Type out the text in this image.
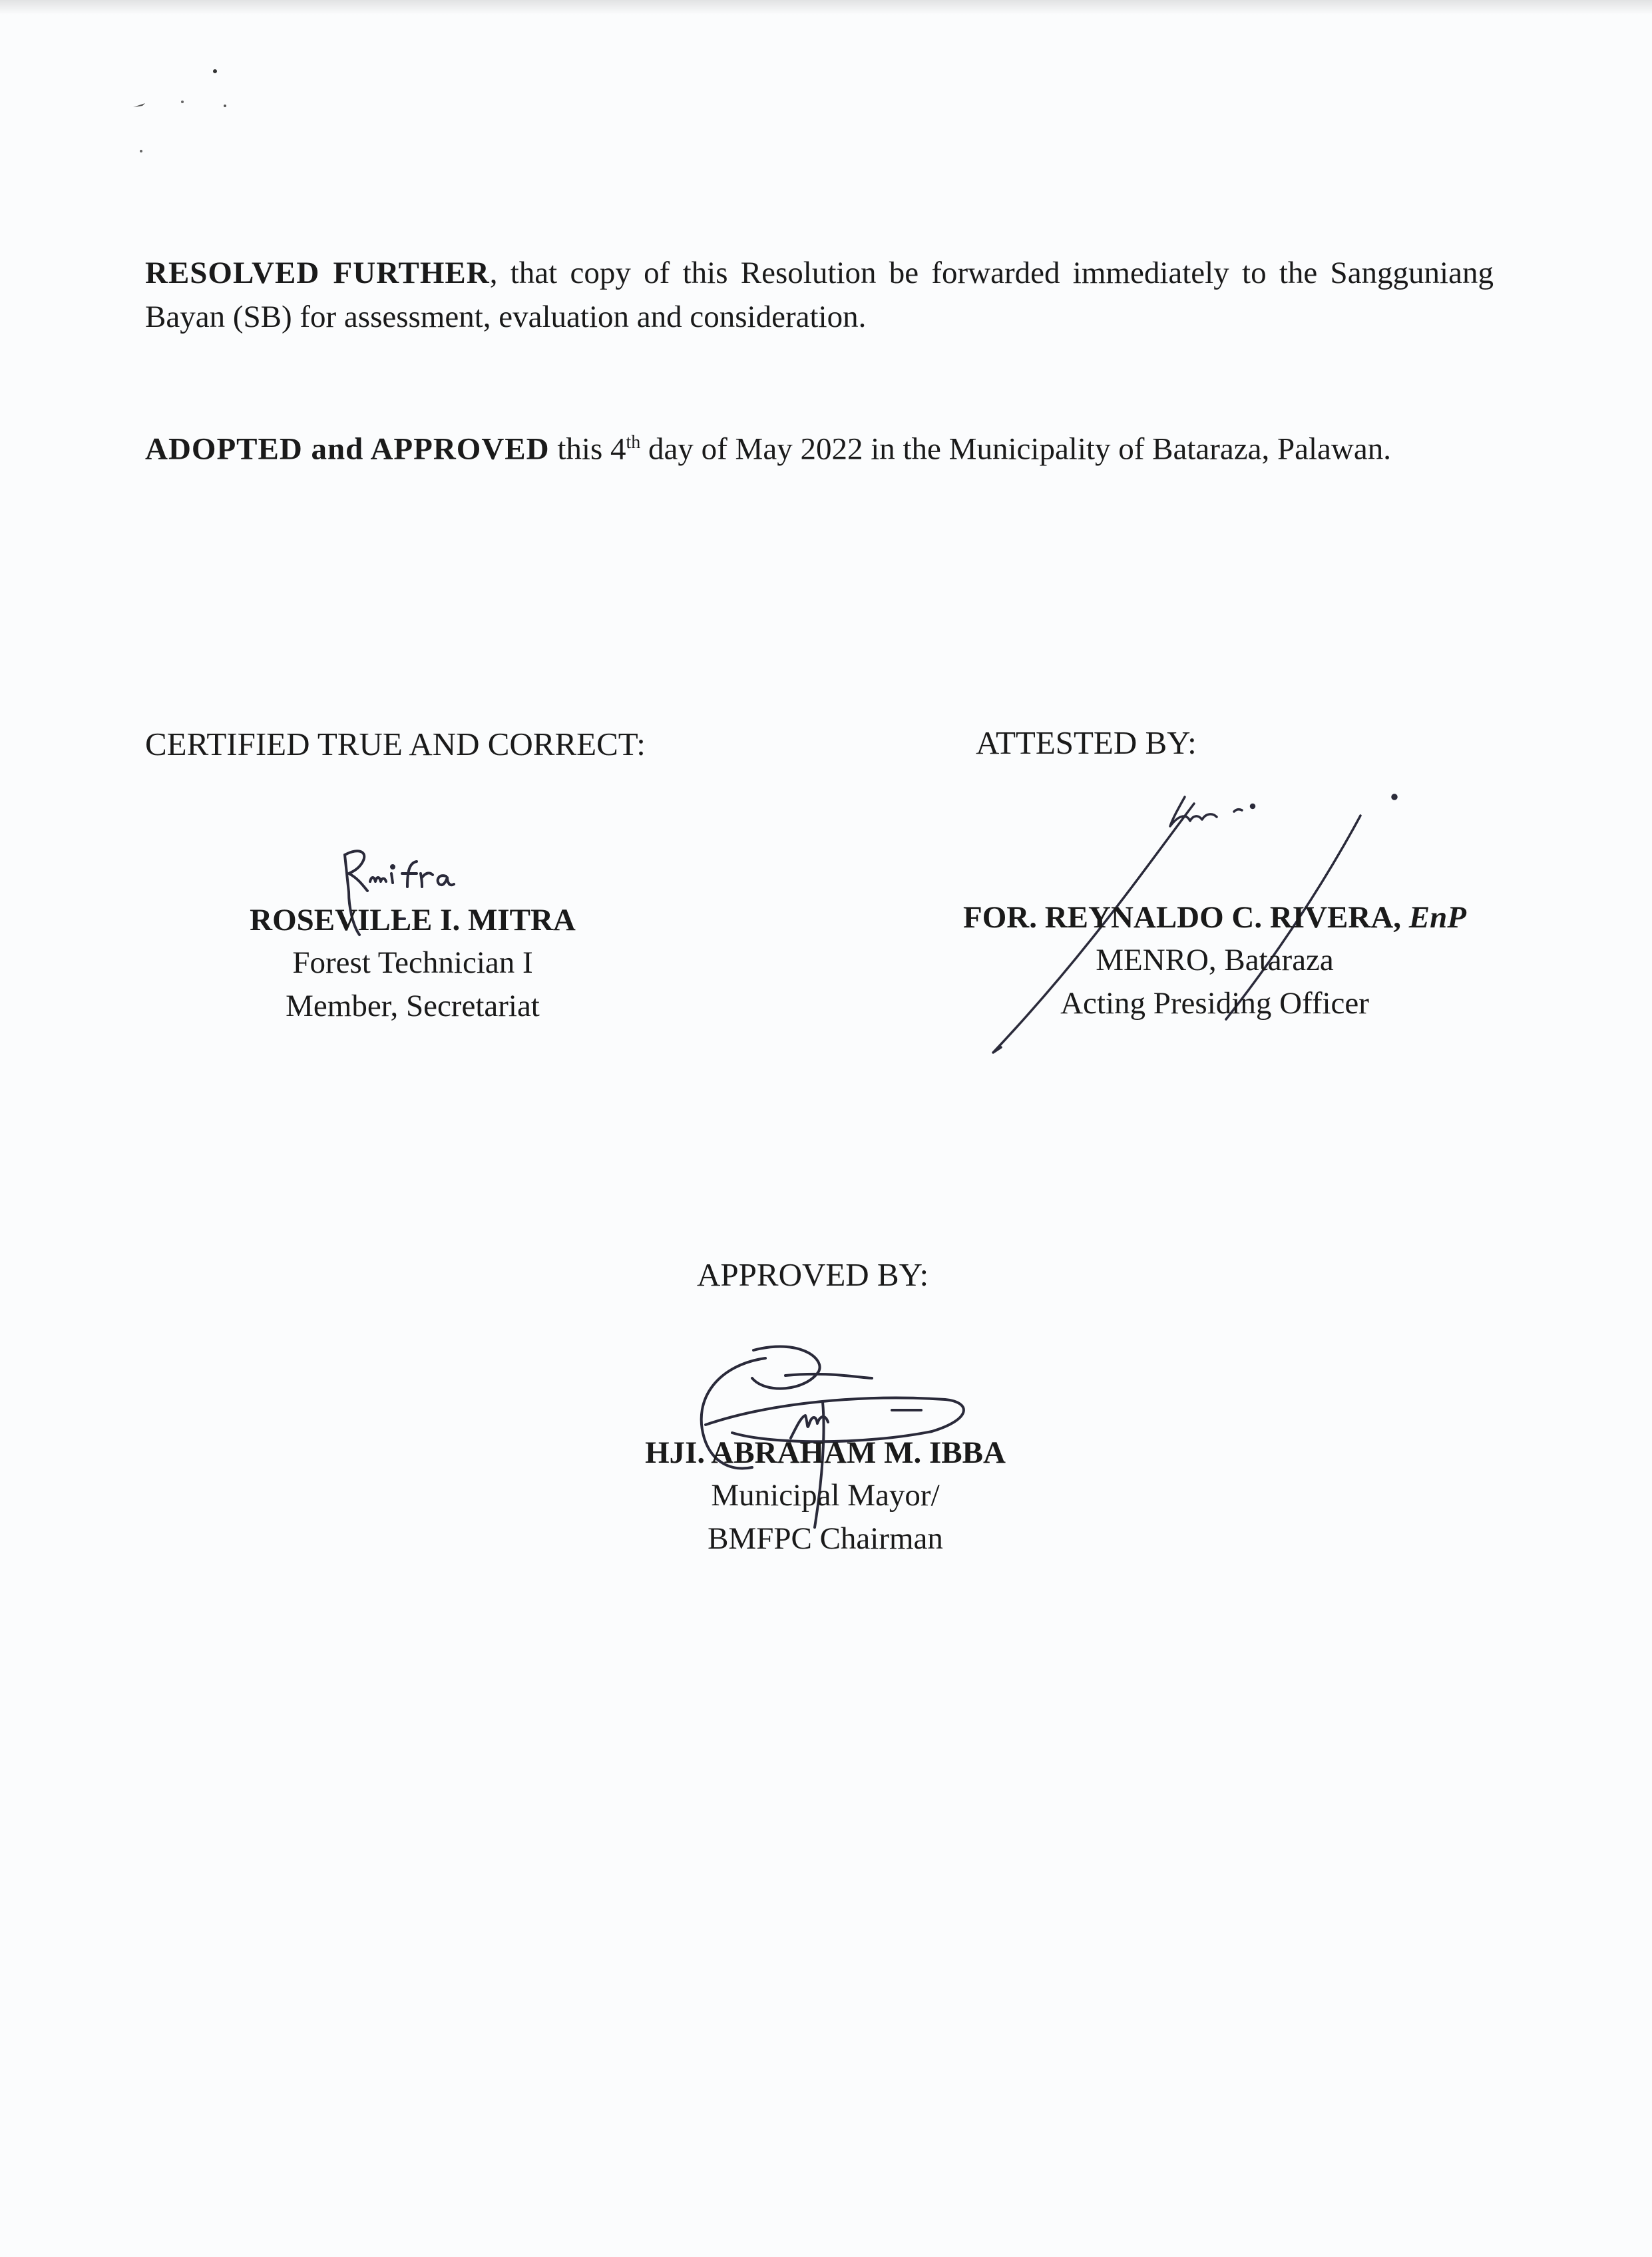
RESOLVED FURTHER, that copy of this Resolution be forwarded immediately to the Sangguniang Bayan (SB) for assessment, evaluation and consideration.

ADOPTED and APPROVED this 4th day of May 2022 in the Municipality of Bataraza, Palawan.

CERTIFIED TRUE AND CORRECT:	ATTESTED BY:
APPROVED BY:
ROSEVILLE I. MITRA
Forest Technician I
Member, Secretariat
FOR. REYNALDO C. RIVERA, EnP
MENRO, Bataraza
Acting Presiding Officer
HJI. ABRAHAM M. IBBA
Municipal Mayor/
BMFPC Chairman
